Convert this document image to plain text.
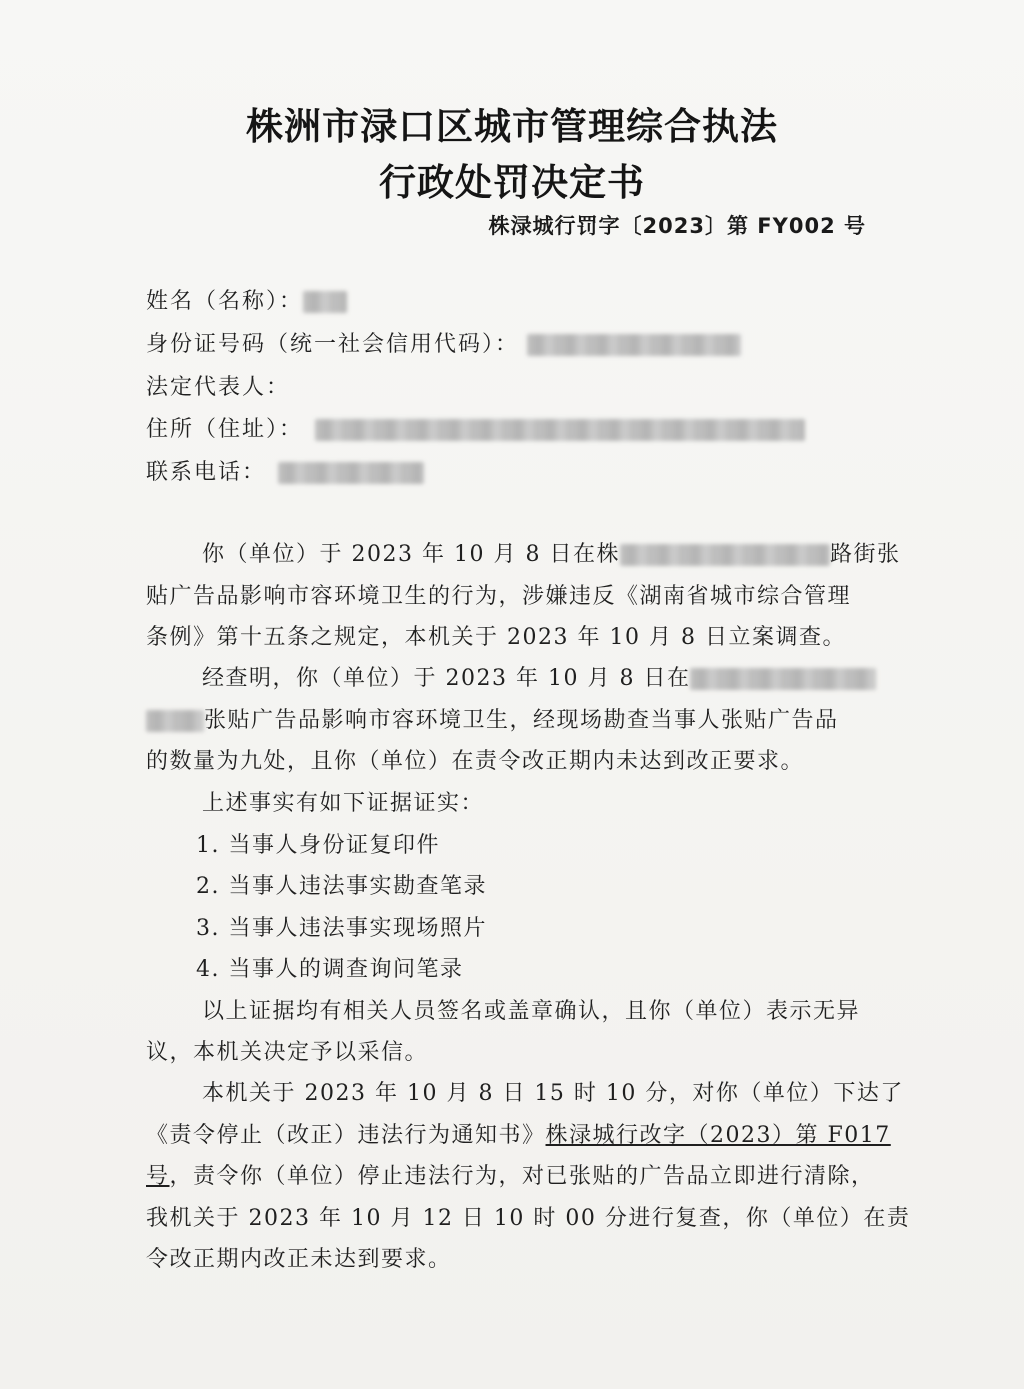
株洲市渌口区城市管理综合执法
行政处罚决定书
株渌城行罚字〔2023〕第 FY002 号
姓名（名称）：
身份证号码（统一社会信用代码）：
法定代表人：
住所（住址）：
联系电话：
你（单位）于 2023 年 10 月 8 日在株	路街张
贴广告品影响市容环境卫生的行为，涉嫌违反《湖南省城市综合管理
条例》第十五条之规定，本机关于 2023 年 10 月 8 日立案调查。
经查明，你（单位）于 2023 年 10 月 8 日在
张贴广告品影响市容环境卫生，经现场勘查当事人张贴广告品
的数量为九处，且你（单位）在责令改正期内未达到改正要求。
上述事实有如下证据证实：
1. 当事人身份证复印件
2. 当事人违法事实勘查笔录
3. 当事人违法事实现场照片
4. 当事人的调查询问笔录
以上证据均有相关人员签名或盖章确认，且你（单位）表示无异
议，本机关决定予以采信。
本机关于 2023 年 10 月 8 日 15 时 10 分，对你（单位）下达了
《责令停止（改正）违法行为通知书》株渌城行改字（2023）第 F017
号，责令你（单位）停止违法行为，对已张贴的广告品立即进行清除，
我机关于 2023 年 10 月 12 日 10 时 00 分进行复查，你（单位）在责
令改正期内改正未达到要求。
